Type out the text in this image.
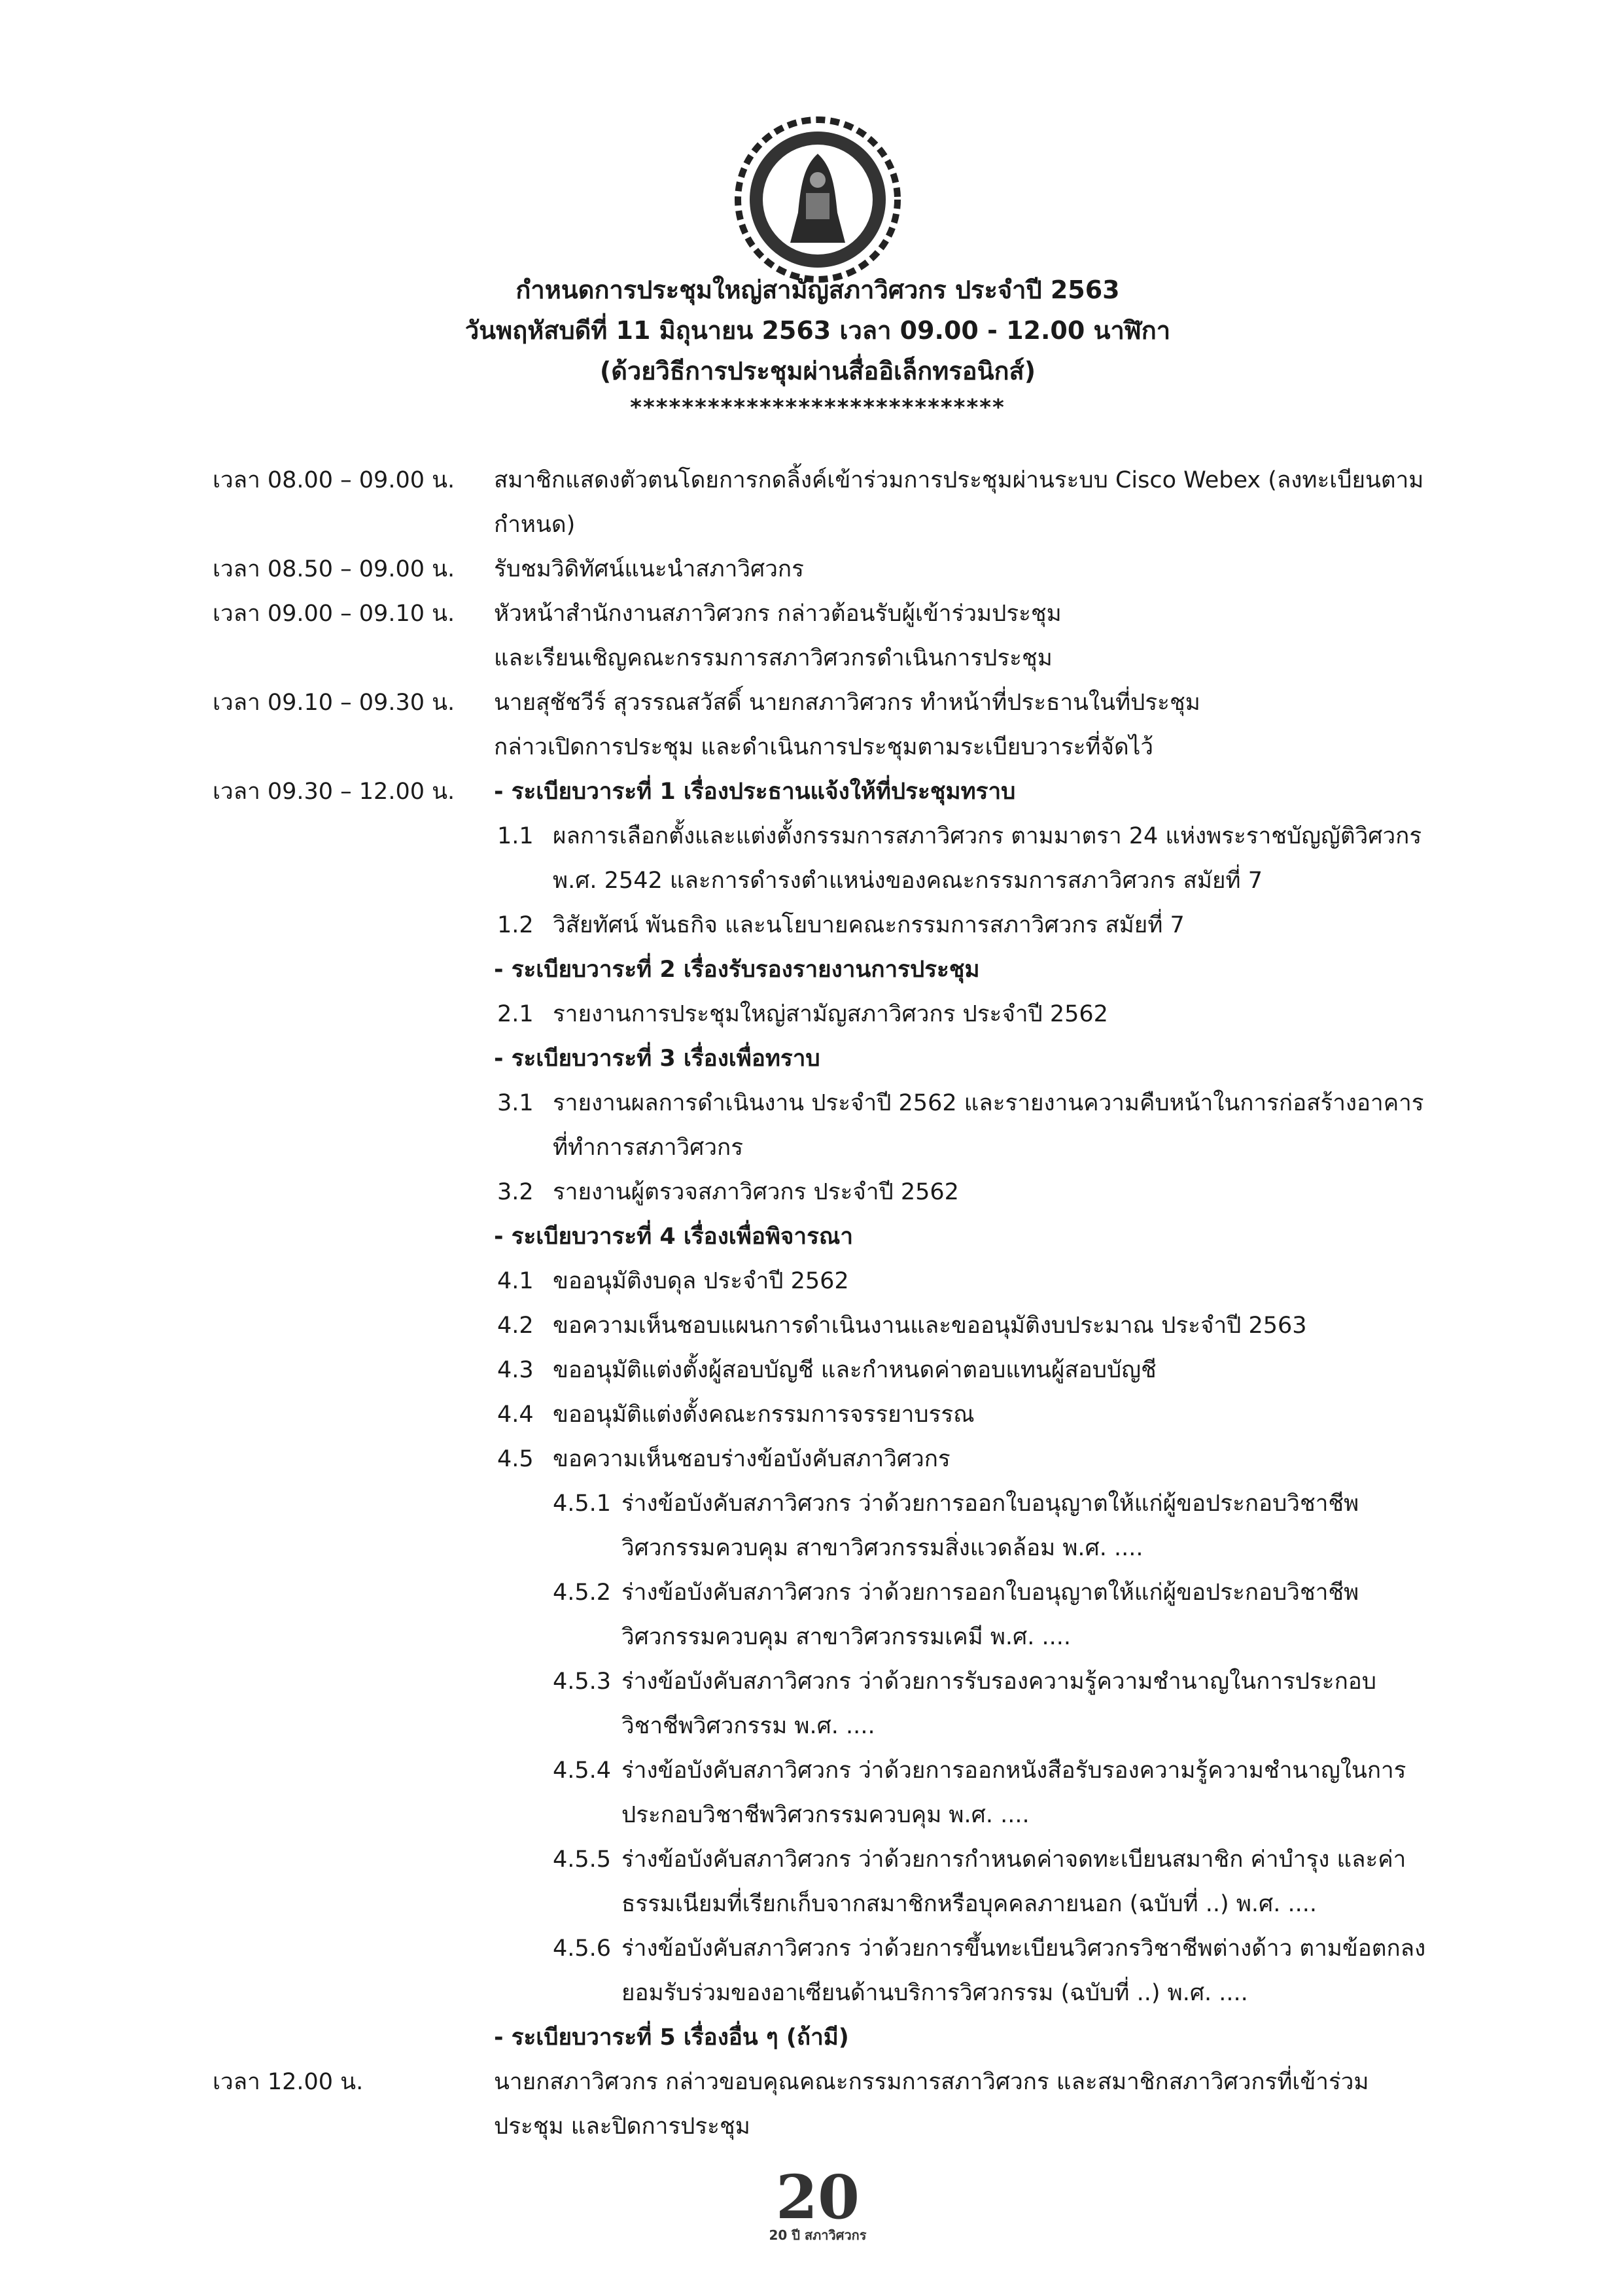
กำหนดการประชุมใหญ่สามัญสภาวิศวกร ประจำปี 2563
วันพฤหัสบดีที่ 11 มิถุนายน 2563 เวลา 09.00 - 12.00 นาฬิกา
(ด้วยวิธีการประชุมผ่านสื่ออิเล็กทรอนิกส์)
*****************************
เวลา 08.00 – 09.00 น.	สมาชิกแสดงตัวตนโดยการกดลิ้งค์เข้าร่วมการประชุมผ่านระบบ Cisco Webex (ลงทะเบียนตามกำหนด)
เวลา 08.50 – 09.00 น.	รับชมวิดิทัศน์แนะนำสภาวิศวกร
เวลา 09.00 – 09.10 น.	หัวหน้าสำนักงานสภาวิศวกร กล่าวต้อนรับผู้เข้าร่วมประชุม
และเรียนเชิญคณะกรรมการสภาวิศวกรดำเนินการประชุม
เวลา 09.10 – 09.30 น.	นายสุชัชวีร์ สุวรรณสวัสดิ์ นายกสภาวิศวกร ทำหน้าที่ประธานในที่ประชุม
กล่าวเปิดการประชุม และดำเนินการประชุมตามระเบียบวาระที่จัดไว้
เวลา 09.30 – 12.00 น.	- ระเบียบวาระที่ 1 เรื่องประธานแจ้งให้ที่ประชุมทราบ
1.1 ผลการเลือกตั้งและแต่งตั้งกรรมการสภาวิศวกร ตามมาตรา 24 แห่งพระราชบัญญัติวิศวกร พ.ศ. 2542 และการดำรงตำแหน่งของคณะกรรมการสภาวิศวกร สมัยที่ 7
1.2 วิสัยทัศน์ พันธกิจ และนโยบายคณะกรรมการสภาวิศวกร สมัยที่ 7
- ระเบียบวาระที่ 2 เรื่องรับรองรายงานการประชุม
2.1 รายงานการประชุมใหญ่สามัญสภาวิศวกร ประจำปี 2562
- ระเบียบวาระที่ 3 เรื่องเพื่อทราบ
3.1 รายงานผลการดำเนินงาน ประจำปี 2562 และรายงานความคืบหน้าในการก่อสร้างอาคารที่ทำการสภาวิศวกร
3.2 รายงานผู้ตรวจสภาวิศวกร ประจำปี 2562
- ระเบียบวาระที่ 4 เรื่องเพื่อพิจารณา
4.1 ขออนุมัติงบดุล ประจำปี 2562
4.2 ขอความเห็นชอบแผนการดำเนินงานและขออนุมัติงบประมาณ ประจำปี 2563
4.3 ขออนุมัติแต่งตั้งผู้สอบบัญชี และกำหนดค่าตอบแทนผู้สอบบัญชี
4.4 ขออนุมัติแต่งตั้งคณะกรรมการจรรยาบรรณ
4.5 ขอความเห็นชอบร่างข้อบังคับสภาวิศวกร
4.5.1 ร่างข้อบังคับสภาวิศวกร ว่าด้วยการออกใบอนุญาตให้แก่ผู้ขอประกอบวิชาชีพวิศวกรรมควบคุม สาขาวิศวกรรมสิ่งแวดล้อม พ.ศ. ....
4.5.2 ร่างข้อบังคับสภาวิศวกร ว่าด้วยการออกใบอนุญาตให้แก่ผู้ขอประกอบวิชาชีพวิศวกรรมควบคุม สาขาวิศวกรรมเคมี พ.ศ. ....
4.5.3 ร่างข้อบังคับสภาวิศวกร ว่าด้วยการรับรองความรู้ความชำนาญในการประกอบวิชาชีพวิศวกรรม พ.ศ. ....
4.5.4 ร่างข้อบังคับสภาวิศวกร ว่าด้วยการออกหนังสือรับรองความรู้ความชำนาญในการประกอบวิชาชีพวิศวกรรมควบคุม พ.ศ. ....
4.5.5 ร่างข้อบังคับสภาวิศวกร ว่าด้วยการกำหนดค่าจดทะเบียนสมาชิก ค่าบำรุง และค่าธรรมเนียมที่เรียกเก็บจากสมาชิกหรือบุคคลภายนอก (ฉบับที่ ..) พ.ศ. ....
4.5.6 ร่างข้อบังคับสภาวิศวกร ว่าด้วยการขึ้นทะเบียนวิศวกรวิชาชีพต่างด้าว ตามข้อตกลงยอมรับร่วมของอาเซียนด้านบริการวิศวกรรม (ฉบับที่ ..) พ.ศ. ....
- ระเบียบวาระที่ 5 เรื่องอื่น ๆ (ถ้ามี)
เวลา 12.00 น.	นายกสภาวิศวกร กล่าวขอบคุณคณะกรรมการสภาวิศวกร และสมาชิกสภาวิศวกรที่เข้าร่วมประชุม และปิดการประชุม
20
20 ปี สภาวิศวกร
